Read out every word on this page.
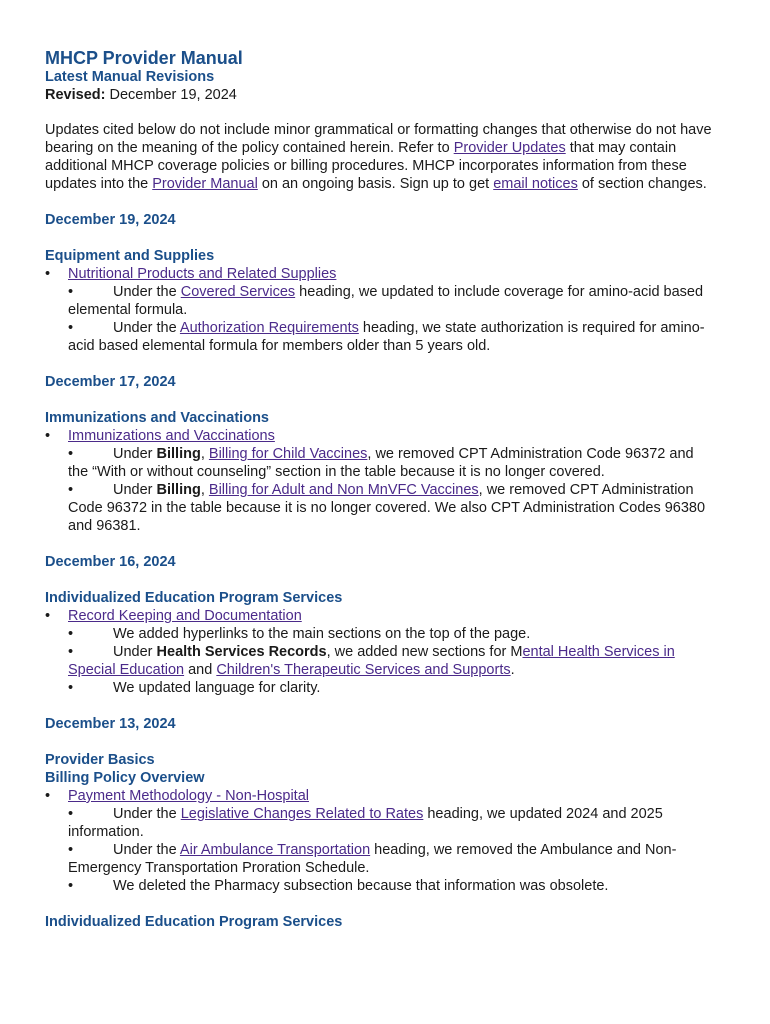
MHCP Provider Manual
Latest Manual Revisions

Revised: December 19, 2024

Updates cited below do not include minor grammatical or formatting changes that otherwise do not have bearing on the meaning of the policy contained herein. Refer to Provider Updates that may contain additional MHCP coverage policies or billing procedures. MHCP incorporates information from these updates into the Provider Manual on an ongoing basis. Sign up to get email notices of section changes.

December 19, 2024
Equipment and Supplies
• Nutritional Products and Related Supplies
•	Under the Covered Services heading, we updated to include coverage for amino-acid based elemental formula.
•	Under the Authorization Requirements heading, we state authorization is required for amino-acid based elemental formula for members older than 5 years old.
December 17, 2024
Immunizations and Vaccinations
• Immunizations and Vaccinations
•	Under Billing, Billing for Child Vaccines, we removed CPT Administration Code 96372 and the “With or without counseling” section in the table because it is no longer covered.
•	Under Billing, Billing for Adult and Non MnVFC Vaccines, we removed CPT Administration Code 96372 in the table because it is no longer covered. We also CPT Administration Codes 96380 and 96381.
December 16, 2024
Individualized Education Program Services
• Record Keeping and Documentation
•	We added hyperlinks to the main sections on the top of the page.
•	Under Health Services Records, we added new sections for Mental Health Services in Special Education and Children's Therapeutic Services and Supports.
•	We updated language for clarity.
December 13, 2024
Provider Basics
Billing Policy Overview
• Payment Methodology - Non-Hospital
•	Under the Legislative Changes Related to Rates heading, we updated 2024 and 2025 information.
•	Under the Air Ambulance Transportation heading, we removed the Ambulance and Non-Emergency Transportation Proration Schedule.
•	We deleted the Pharmacy subsection because that information was obsolete.
Individualized Education Program Services
